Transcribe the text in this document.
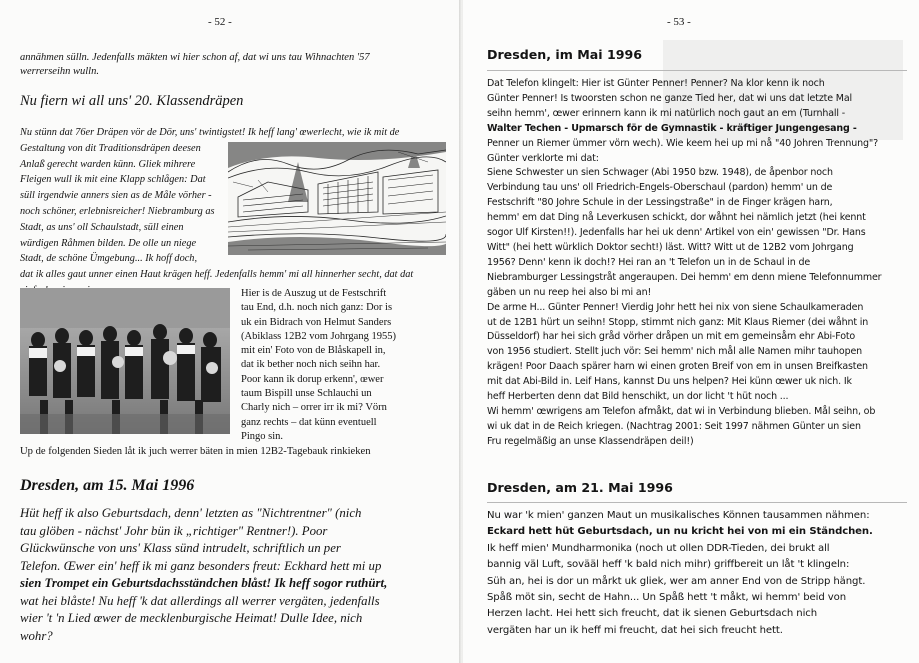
- 52 -
annähmen sülln. Jedenfalls mäkten wi hier schon af, dat wi uns tau Wihnachten '57
werrerseihn wulln.
Nu fiern wi all uns' 20. Klassendräpen
Nu stünn dat 76er Dräpen vör de Dör, uns' twintigstet! Ik heff lang' œwerlecht, wie ik mit de
Gestaltung von dit Traditionsdräpen deesen
Anlaß gerecht warden künn. Gliek mihrere
Fleigen wull ik mit eine Klapp schlågen: Dat
süll irgendwie anners sien as de Måle vörher -
noch schöner, erlebnisreicher! Niebramburg as
Stadt, as uns' oll Schaulstadt, süll einen
würdigen Råhmen bilden. De olle un niege
Stadt, de schöne Ümgebung... Ik hoff doch,
dat ik alles gaut unner einen Haut krägen heff. Jedenfalls hemm' mi all hinnerher secht, dat dat
Hier is de Auszug ut de Festschrift
tau End, d.h. noch nich ganz: Dor is
uk ein Bidrach von Helmut Sanders
(Abiklass 12B2 vom Johrgang 1955)
mit ein' Foto von de Blåskapell in,
dat ik bether noch nich seihn har.
Poor kann ik dorup erkenn', œwer
taum Bispill unse Schlauchi un
Charly nich – orrer irr ik mi? Vörn
ganz rechts – dat künn eventuell
Pingo sin.
Up de folgenden Sieden låt ik juch werrer bäten in mien 12B2-Tagebauk rinkieken
Dresden, am 15. Mai 1996
Hüt heff ik also Geburtsdach, denn' letzten as "Nichtrentner" (nich
tau glöben - nächst' Johr bün ik „richtiger" Rentner!). Poor
Glückwünsche von uns' Klass sünd intrudelt, schriftlich un per
Telefon. Œwer ein' heff ik mi ganz besonders freut: Eckhard hett mi up
sien Trompet ein Geburtsdachsständchen blåst! Ik heff sogor ruthürt,
wat hei blåste! Nu heff 'k dat allerdings all werrer vergäten, jedenfalls
wier 't 'n Lied œwer de mecklenburgische Heimat! Dulle Idee, nich
wohr?
- 53 -
Dresden, im Mai 1996
Dat Telefon klingelt: Hier ist Günter Penner! Penner? Na klor kenn ik noch
Günter Penner! Is twoorsten schon ne ganze Tied her, dat wi uns dat letzte Mal
seihn hemm', œwer erinnern kann ik mi natürlich noch gaut an em (Turnhall -
Walter Techen - Upmarsch för de Gymnastik - kräftiger Jungengesang -
Penner un Riemer ümmer vörn wech). Wie keem hei up mi nå "40 Johren Trennung"?
Günter verklorte mi dat:
Siene Schwester un sien Schwager (Abi 1950 bzw. 1948), de åpenbor noch
Verbindung tau uns' oll Friedrich-Engels-Oberschaul (pardon) hemm' un de
Festschrift "80 Johre Schule in der Lessingstraße" in de Finger krägen harn,
hemm' em dat Ding nå Leverkusen schickt, dor wåhnt hei nämlich jetzt (hei kennt
sogor Ulf Kirsten!!). Jedenfalls har hei uk denn' Artikel von ein' gewissen "Dr. Hans
Witt" (hei hett würklich Doktor secht!) läst. Witt? Witt ut de 12B2 vom Johrgang
1956? Denn' kenn ik doch!? Hei ran an 't Telefon un in de Schaul in de
Niebramburger Lessingstråt angeraupen. Dei hemm' em denn miene Telefonnummer
gäben un nu reep hei also bi mi an!
De arme H... Günter Penner! Vierdig Johr hett hei nix von siene Schaulkameraden
ut de 12B1 hürt un seihn! Stopp, stimmt nich ganz: Mit Klaus Riemer (dei wåhnt in
Düsseldorf) har hei sich gråd vörher dråpen un mit em gemeinsåm ehr Abi-Foto
von 1956 studiert. Stellt juch vör: Sei hemm' nich mål alle Namen mihr tauhopen
krägen! Poor Daach spärer harn wi einen groten Breif von em in unsen Breifkasten
mit dat Abi-Bild in. Leif Hans, kannst Du uns helpen? Hei künn œwer uk nich. Ik
heff Herberten denn dat Bild henschikt, un dor licht 't hüt noch ...
Wi hemm' œwrigens am Telefon afmåkt, dat wi in Verbindung blieben. Mål seihn, ob
wi uk dat in de Reich kriegen. (Nachtrag 2001: Seit 1997 nähmen Günter un sien
Fru regelmäßig an unse Klassendräpen deil!)
Dresden, am 21. Mai 1996
Nu war 'k mien' ganzen Maut un musikalisches Können tausammen nähmen:
Eckard hett hüt Geburtsdach, un nu kricht hei von mi ein Ständchen.
Ik heff mien' Mundharmonika (noch ut ollen DDR-Tieden, dei brukt all
bannig väl Luft, sovääl heff 'k bald nich mihr) griffbereit un låt 't klingeln:
Süh an, hei is dor un mårkt uk gliek, wer am anner End von de Stripp hängt.
Spåß möt sin, secht de Hahn... Un Spåß hett 't måkt, wi hemm' beid von
Herzen lacht. Hei hett sich freucht, dat ik sienen Geburtsdach nich
vergäten har un ik heff mi freucht, dat hei sich freucht hett.
